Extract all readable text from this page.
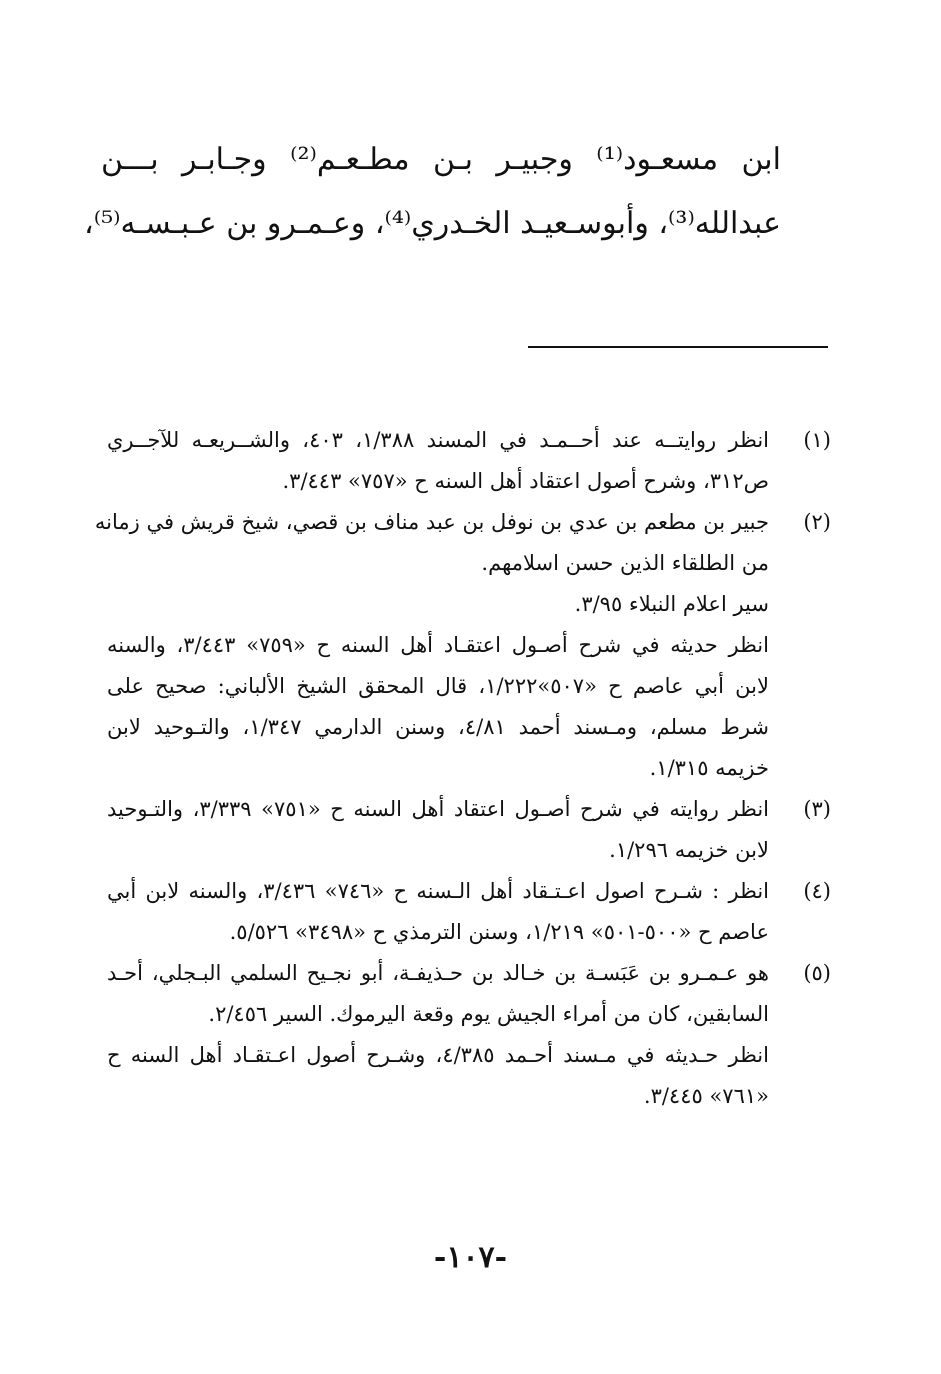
ابن مسعـود⁽¹⁾ وجبيـر بـن مطـعـم⁽²⁾ وجـابـر بـــن
عبدالله⁽³⁾، وأبوسـعيـد الخـدري⁽⁴⁾، وعـمـرو بن عـبـسـه⁽⁵⁾،
(١)
انظر روايتــه عند أحــمـد في المسند ١/٣٨٨، ٤٠٣، والشــريعـه للآجــري
ص٣١٢، وشرح أصول اعتقاد أهل السنه ح «٧٥٧» ٣/٤٤٣.
(٢)
جبير بن مطعم بن عدي بن نوفل بن عبد مناف بن قصي، شيخ قريش في زمانه
من الطلقاء الذين حسن اسلامهم.
سير اعلام النبلاء ٣/٩٥.
انظر حديثه في شرح أصـول اعتقـاد أهل السنه ح «٧٥٩» ٣/٤٤٣، والسنه
لابن أبي عاصم ح «٥٠٧»١/٢٢٢، قال المحقق الشيخ الألباني: صحيح على
شرط مسلم، ومـسند أحمد ٤/٨١، وسنن الدارمي ١/٣٤٧، والتـوحيد لابن
خزيمه ١/٣١٥.
(٣)
انظر روايته في شرح أصـول اعتقاد أهل السنه ح «٧٥١» ٣/٣٣٩، والتـوحيد
لابن خزيمه ١/٢٩٦.
(٤)
انظر : شـرح اصول اعـتـقاد أهل الـسنه ح «٧٤٦» ٣/٤٣٦، والسنه لابن أبي
عاصم ح «٥٠٠-٥٠١» ١/٢١٩، وسنن الترمذي ح «٣٤٩٨» ٥/٥٢٦.
(٥)
هو عـمـرو بن عَبَسـة بن خـالد بن حـذيفـة، أبو نجـيح السلمي البـجلي، أحـد
السابقين، كان من أمراء الجيش يوم وقعة اليرموك. السير ٢/٤٥٦.
انظر حـديثه في مـسند أحـمد ٤/٣٨٥، وشـرح أصول اعـتقـاد أهل السنه ح
«٧٦١» ٣/٤٤٥.
-١٠٧-
